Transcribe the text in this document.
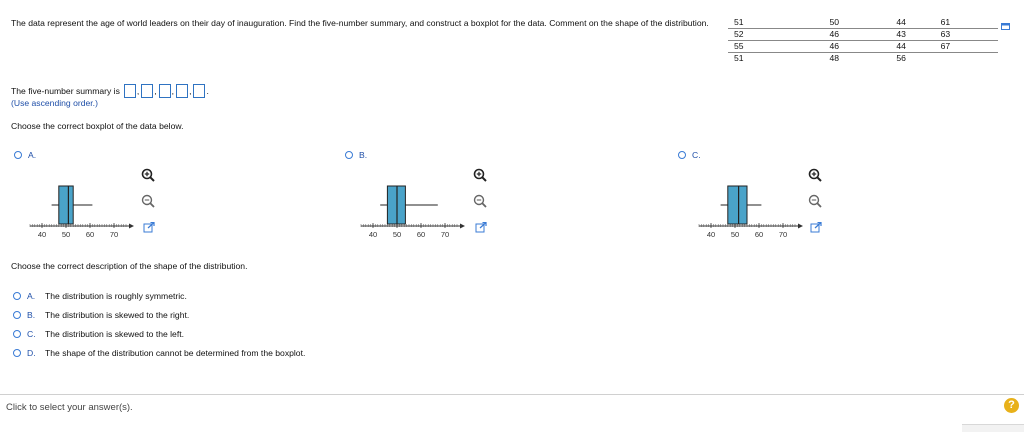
The data represent the age of world leaders on their day of inauguration. Find the five-number summary, and construct a boxplot for the data. Comment on the shape of the distribution.	51	50	44	61
52	46	43	63
55	46	44	67
51	48	56	
The five-number summary is , , , , .
(Use ascending order.)
Choose the correct boxplot of the data below.
A.
40 50 60 70
B.
40 50 60 70
C.
40 50 60 70
Choose the correct description of the shape of the distribution.
A.	The distribution is roughly symmetric.
B.	The distribution is skewed to the right.
C.	The distribution is skewed to the left.
D.	The shape of the distribution cannot be determined from the boxplot.
Click to select your answer(s).	?
